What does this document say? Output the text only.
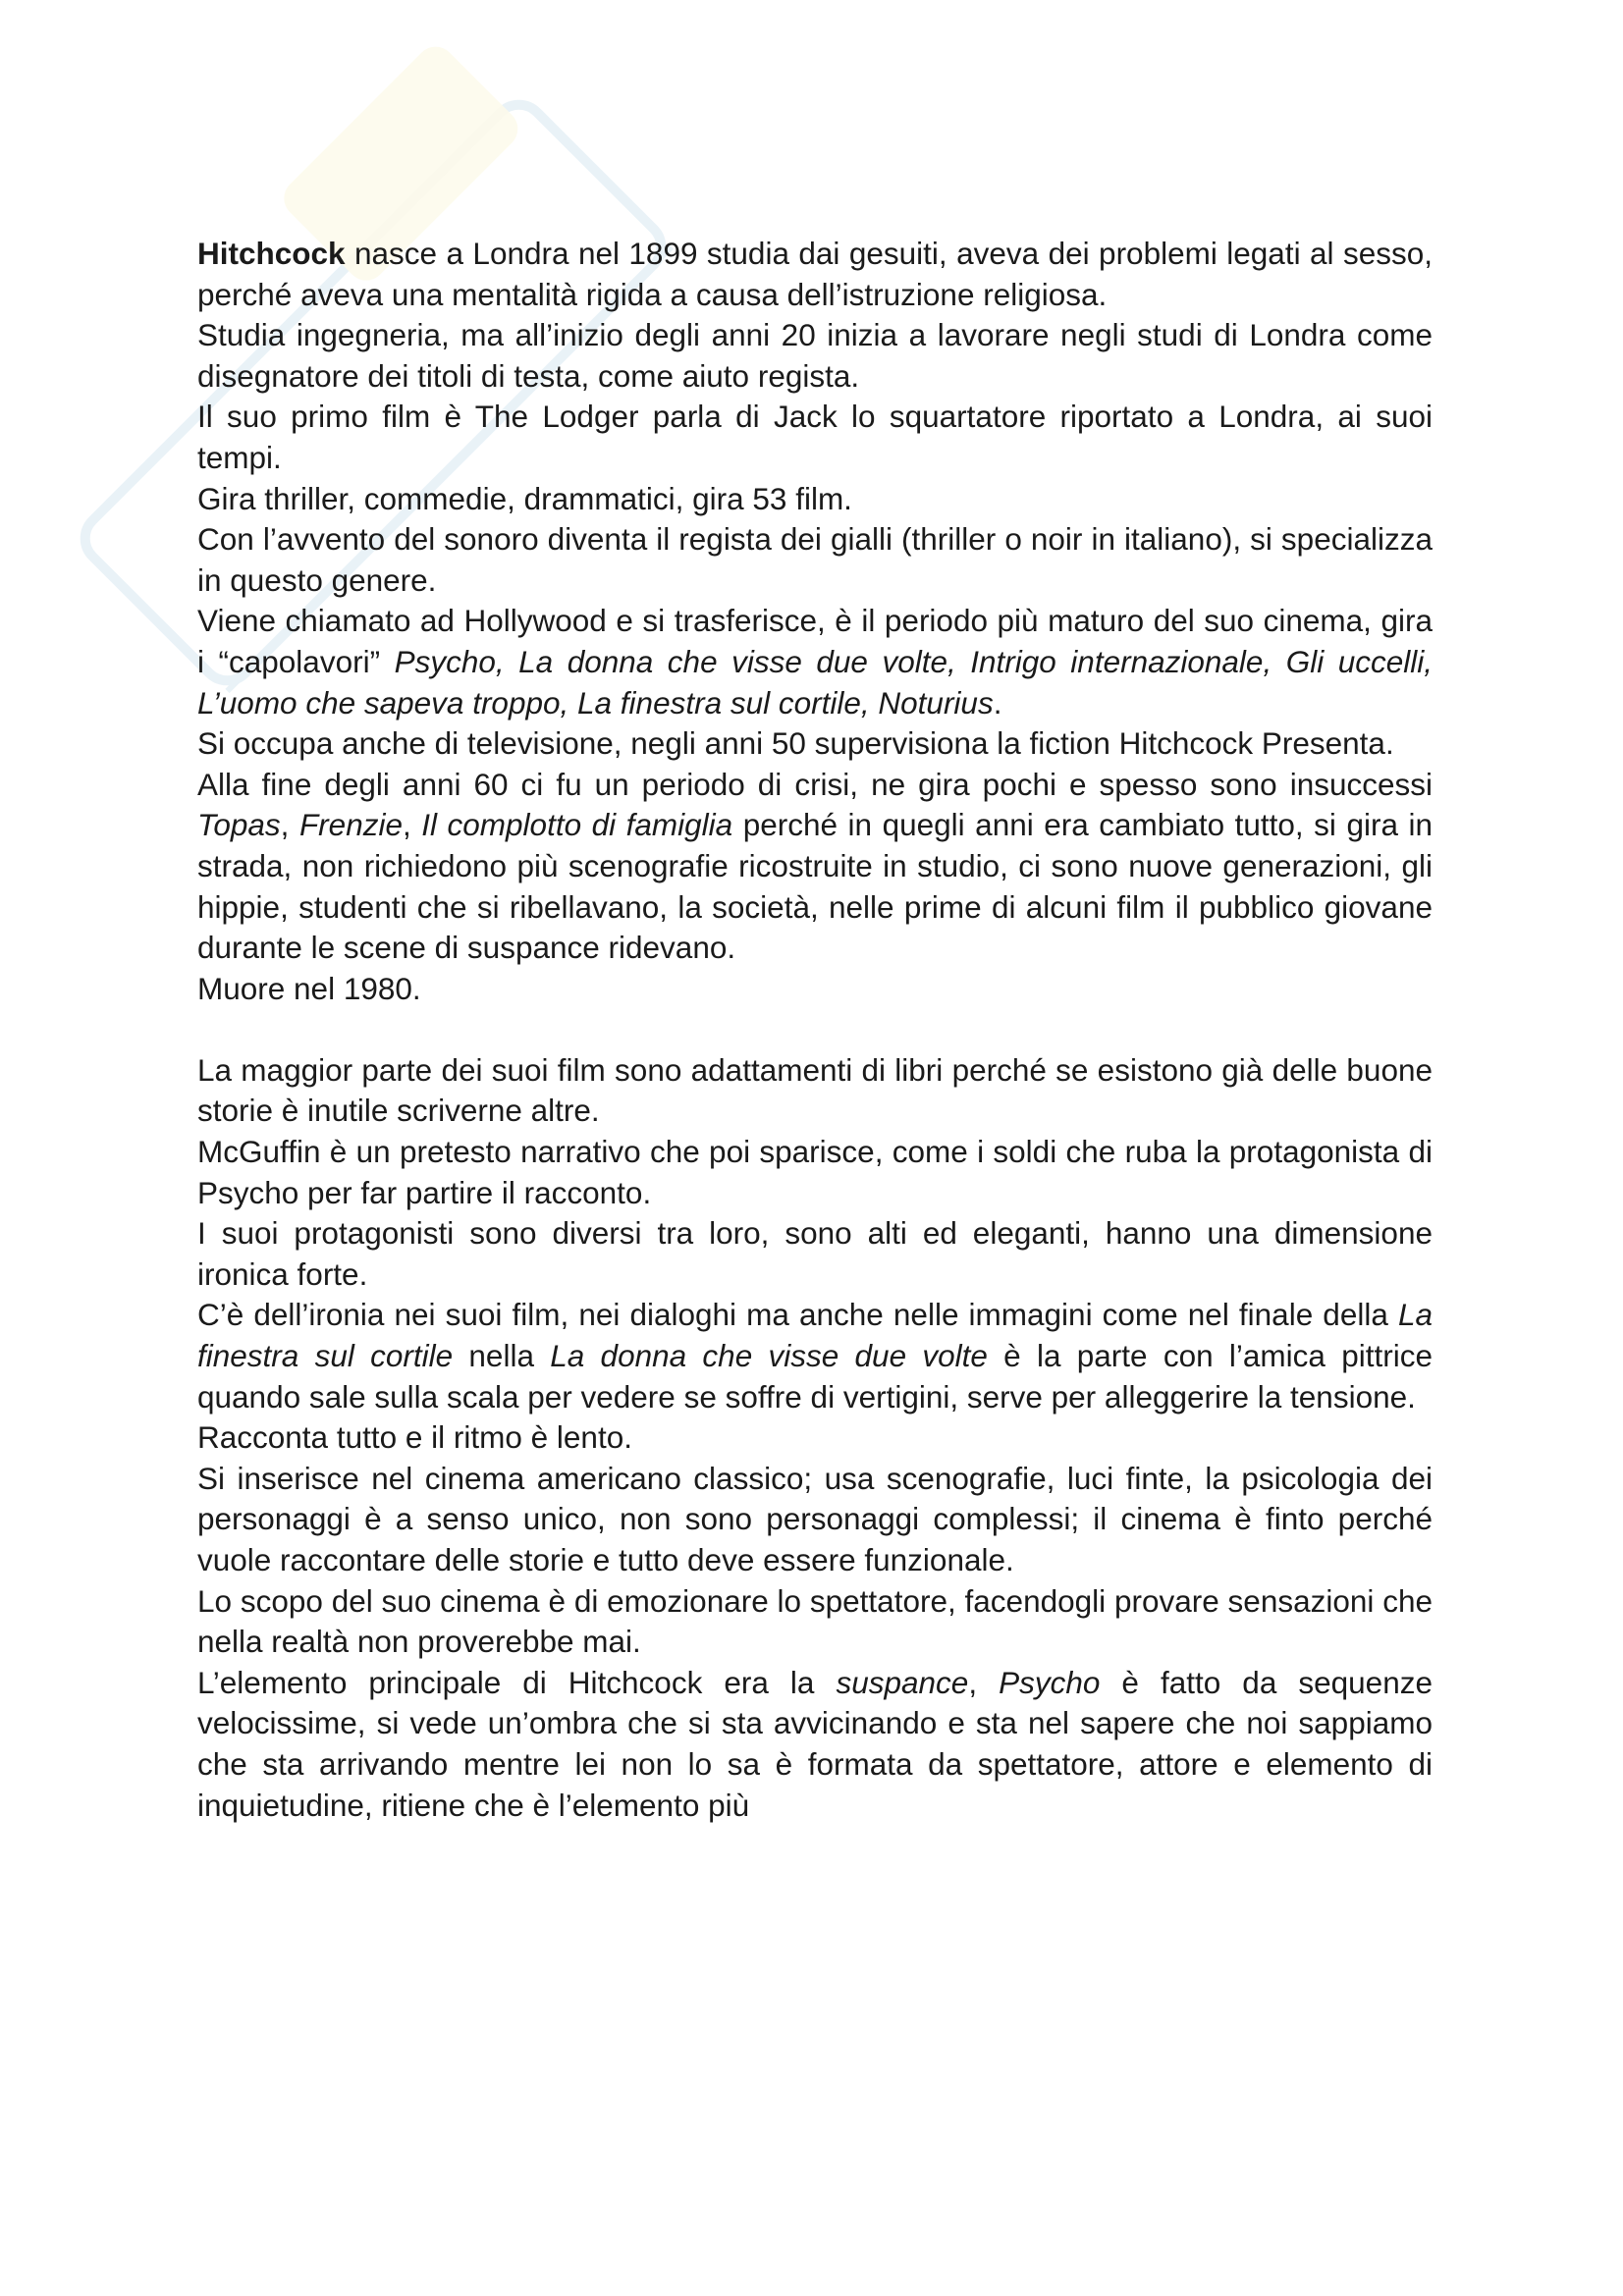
Hitchcock nasce a Londra nel 1899 studia dai gesuiti, aveva dei problemi legati al sesso, perché aveva una mentalità rigida a causa dell’istruzione religiosa.

Studia ingegneria, ma all’inizio degli anni 20 inizia a lavorare negli studi di Londra come disegnatore dei titoli di testa, come aiuto regista.

Il suo primo film è The Lodger parla di Jack lo squartatore riportato a Londra, ai suoi tempi.

Gira thriller, commedie, drammatici, gira 53 film.

Con l’avvento del sonoro diventa il regista dei gialli (thriller o noir in italiano), si specializza in questo genere.

Viene chiamato ad Hollywood e si trasferisce, è il periodo più maturo del suo cinema, gira i “capolavori” Psycho, La donna che visse due volte, Intrigo internazionale, Gli uccelli, L’uomo che sapeva troppo, La finestra sul cortile, Noturius.

Si occupa anche di televisione, negli anni 50 supervisiona la fiction Hitchcock Presenta.

Alla fine degli anni 60 ci fu un periodo di crisi, ne gira pochi e spesso sono insuccessi Topas, Frenzie, Il complotto di famiglia perché in quegli anni era cambiato tutto, si gira in strada, non richiedono più scenografie ricostruite in studio, ci sono nuove generazioni, gli hippie, studenti che si ribellavano, la società, nelle prime di alcuni film il pubblico giovane durante le scene di suspance ridevano.

Muore nel 1980.

La maggior parte dei suoi film sono adattamenti di libri perché se esistono già delle buone storie è inutile scriverne altre.

McGuffin è un pretesto narrativo che poi sparisce, come i soldi che ruba la protagonista di Psycho per far partire il racconto.

I suoi protagonisti sono diversi tra loro, sono alti ed eleganti, hanno una dimensione ironica forte.

C’è dell’ironia nei suoi film, nei dialoghi ma anche nelle immagini come nel finale della La finestra sul cortile nella La donna che visse due volte è la parte con l’amica pittrice quando sale sulla scala per vedere se soffre di vertigini, serve per alleggerire la tensione.

Racconta tutto e il ritmo è lento.

Si inserisce nel cinema americano classico; usa scenografie, luci finte, la psicologia dei personaggi è a senso unico, non sono personaggi complessi; il cinema è finto perché vuole raccontare delle storie e tutto deve essere funzionale.

Lo scopo del suo cinema è di emozionare lo spettatore, facendogli provare sensazioni che nella realtà non proverebbe mai.

L’elemento principale di Hitchcock era la suspance, Psycho è fatto da sequenze velocissime, si vede un’ombra che si sta avvicinando e sta nel sapere che noi sappiamo che sta arrivando mentre lei non lo sa è formata da spettatore, attore e elemento di inquietudine, ritiene che è l’elemento più
